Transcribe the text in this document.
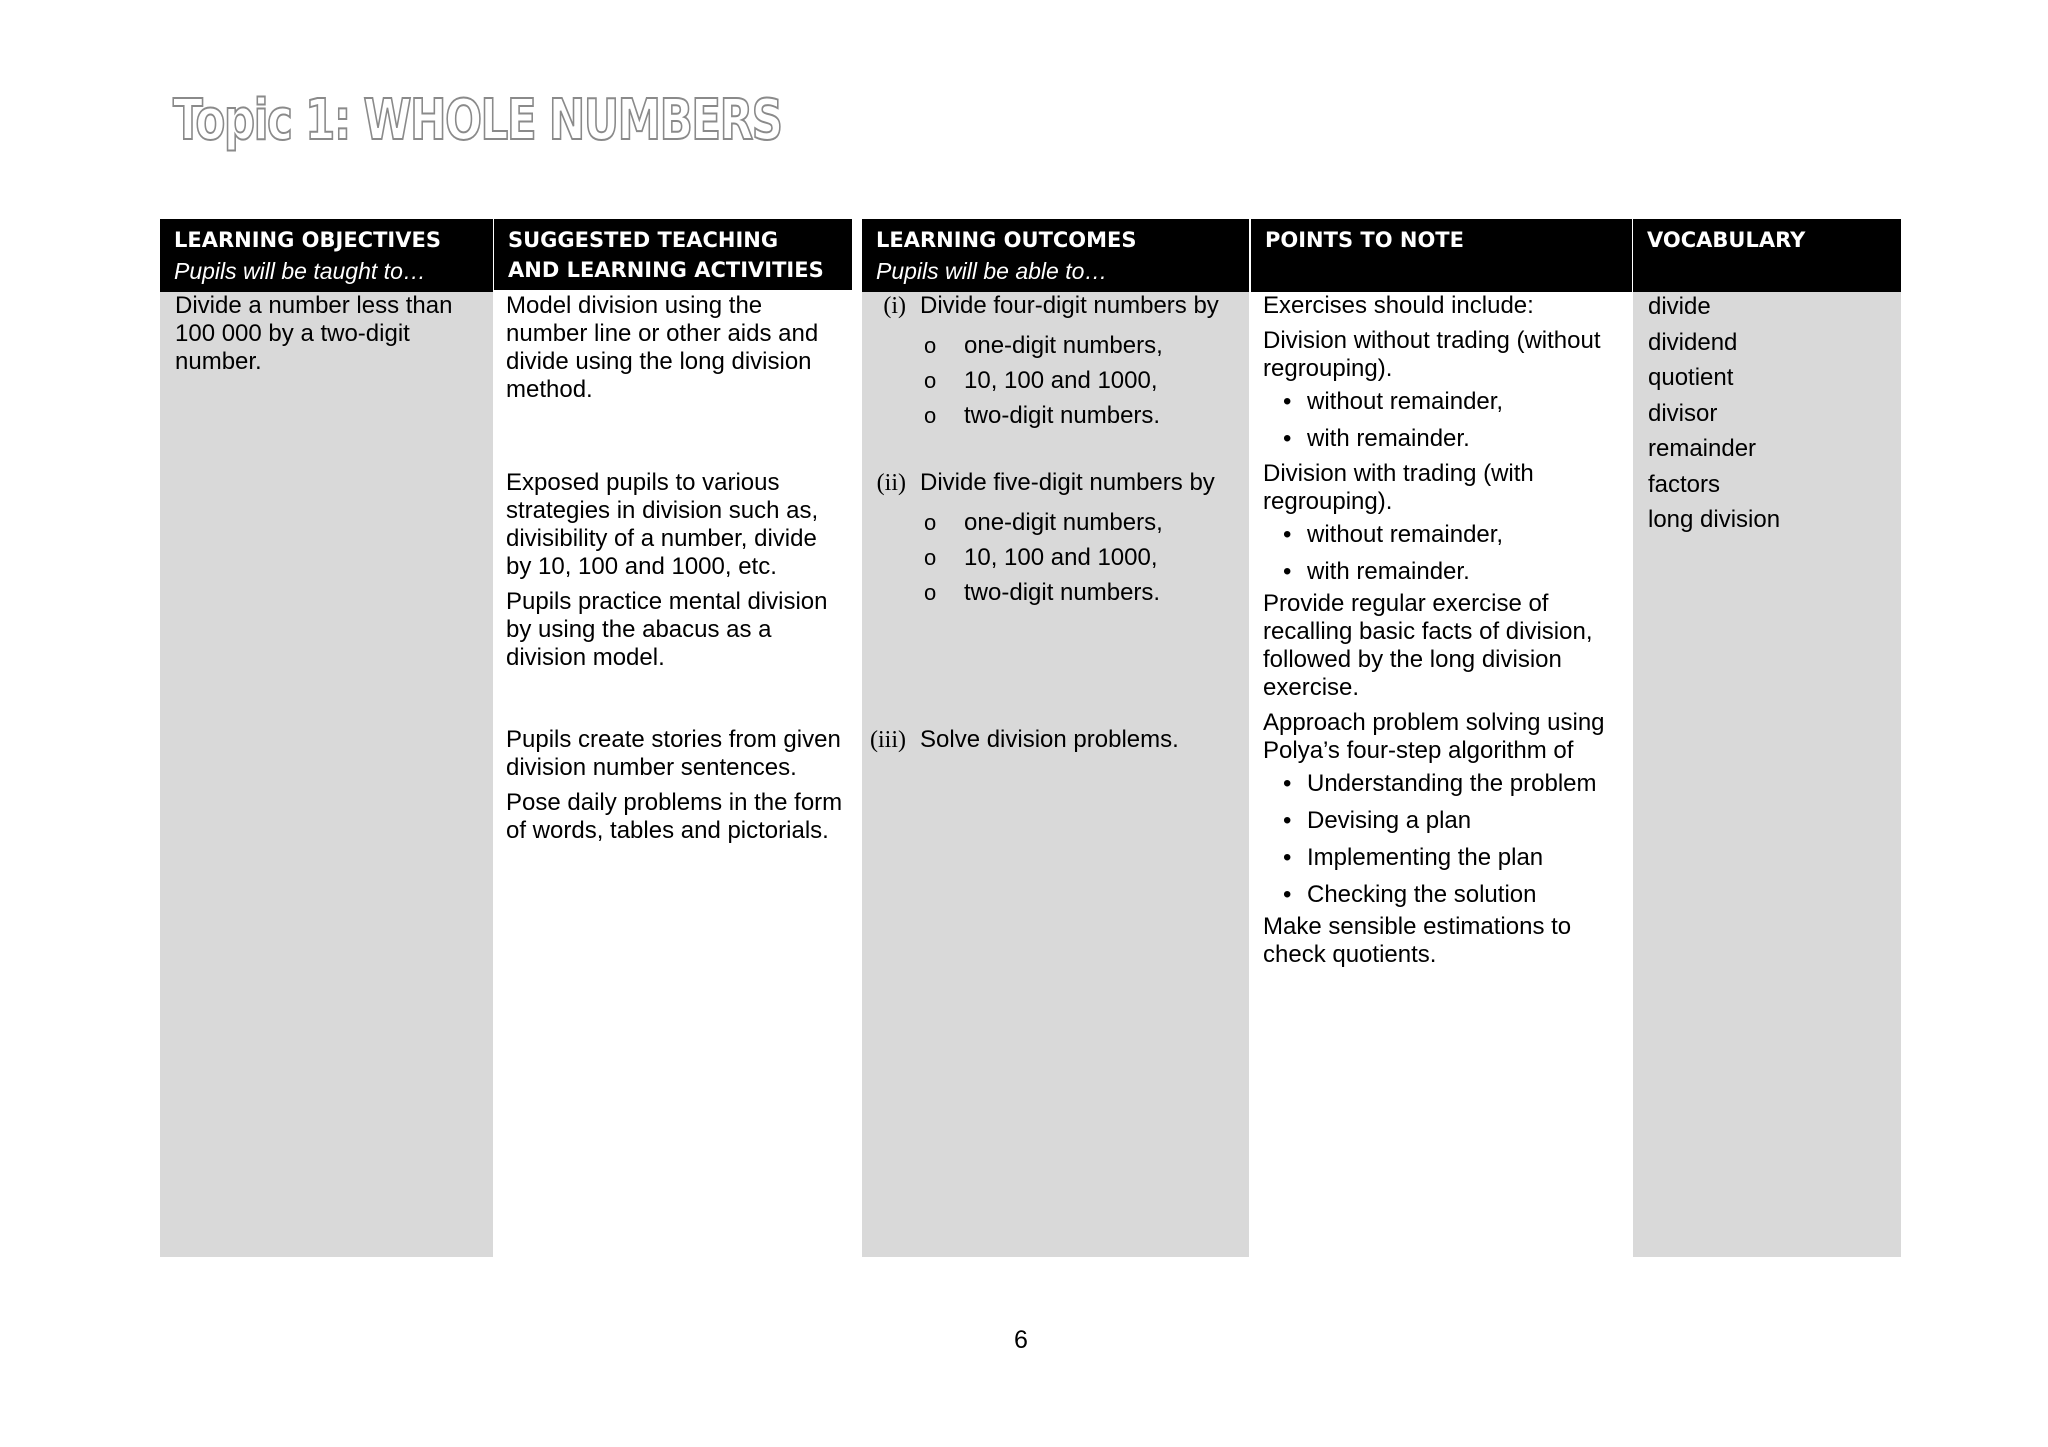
Topic 1: WHOLE NUMBERS
LEARNING OBJECTIVES
Pupils will be taught to…
SUGGESTED TEACHING
AND LEARNING ACTIVITIES
LEARNING OUTCOMES
Pupils will be able to…
POINTS TO NOTE	VOCABULARY
Divide a number less than
100 000 by a two-digit
number.
Model division using the
number line or other aids and
divide using the long division
method.
Exposed pupils to various
strategies in division such as,
divisibility of a number, divide
by 10, 100 and 1000, etc.
Pupils practice mental division
by using the abacus as a
division model.
Pupils create stories from given
division number sentences.
Pose daily problems in the form
of words, tables and pictorials.
(i) Divide four-digit numbers by
o one-digit numbers,
o 10, 100 and 1000,
o two-digit numbers.
(ii) Divide five-digit numbers by
o one-digit numbers,
o 10, 100 and 1000,
o two-digit numbers.
(iii) Solve division problems.
Exercises should include:
Division without trading (without
regrouping).
• without remainder,
• with remainder.
Division with trading (with
regrouping).
• without remainder,
• with remainder.
Provide regular exercise of
recalling basic facts of division,
followed by the long division
exercise.
Approach problem solving using
Polya’s four-step algorithm of
• Understanding the problem
• Devising a plan
• Implementing the plan
• Checking the solution
Make sensible estimations to
check quotients.
divide
dividend
quotient
divisor
remainder
factors
long division
6
